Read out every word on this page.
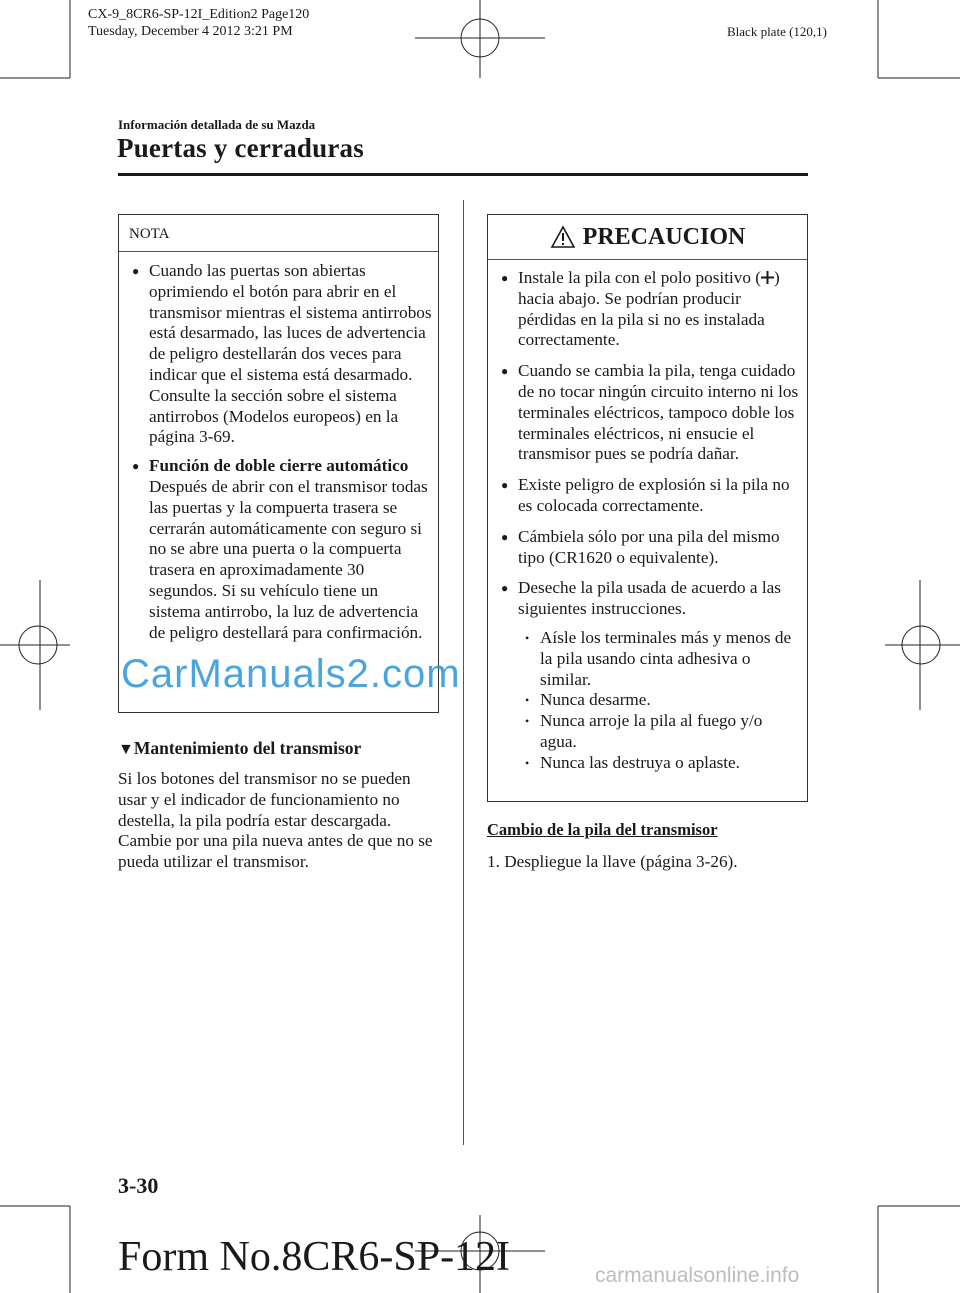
CX-9_8CR6-SP-12I_Edition2 Page120
Tuesday, December 4 2012 3:21 PM	Black plate (120,1)
Información detallada de su Mazda
Puertas y cerraduras
NOTA
● Cuando las puertas son abiertas oprimiendo el botón para abrir en el transmisor mientras el sistema antirrobos está desarmado, las luces de advertencia de peligro destellarán dos veces para indicar que el sistema está desarmado.
Consulte la sección sobre el sistema antirrobos (Modelos europeos) en la página 3-69.
● Función de doble cierre automático
Después de abrir con el transmisor todas las puertas y la compuerta trasera se cerrarán automáticamente con seguro si no se abre una puerta o la compuerta trasera en aproximadamente 30 segundos. Si su vehículo tiene un sistema antirrobo, la luz de advertencia de peligro destellará para confirmación.
CarManuals2.com
▼Mantenimiento del transmisor
Si los botones del transmisor no se pueden usar y el indicador de funcionamiento no destella, la pila podría estar descargada. Cambie por una pila nueva antes de que no se pueda utilizar el transmisor.
PRECAUCION
● Instale la pila con el polo positivo ( ) hacia abajo. Se podrían producir pérdidas en la pila si no es instalada correctamente.
● Cuando se cambia la pila, tenga cuidado de no tocar ningún circuito interno ni los terminales eléctricos, tampoco doble los terminales eléctricos, ni ensucie el transmisor pues se podría dañar.
● Existe peligro de explosión si la pila no es colocada correctamente.
● Cámbiela sólo por una pila del mismo tipo (CR1620 o equivalente).
● Deseche la pila usada de acuerdo a las siguientes instrucciones.
• Aísle los terminales más y menos de la pila usando cinta adhesiva o similar.
• Nunca desarme.
• Nunca arroje la pila al fuego y/o agua.
• Nunca las destruya o aplaste.
Cambio de la pila del transmisor
1. Despliegue la llave (página 3-26).
3-30
Form No.8CR6-SP-12I	carmanualsonline.info
